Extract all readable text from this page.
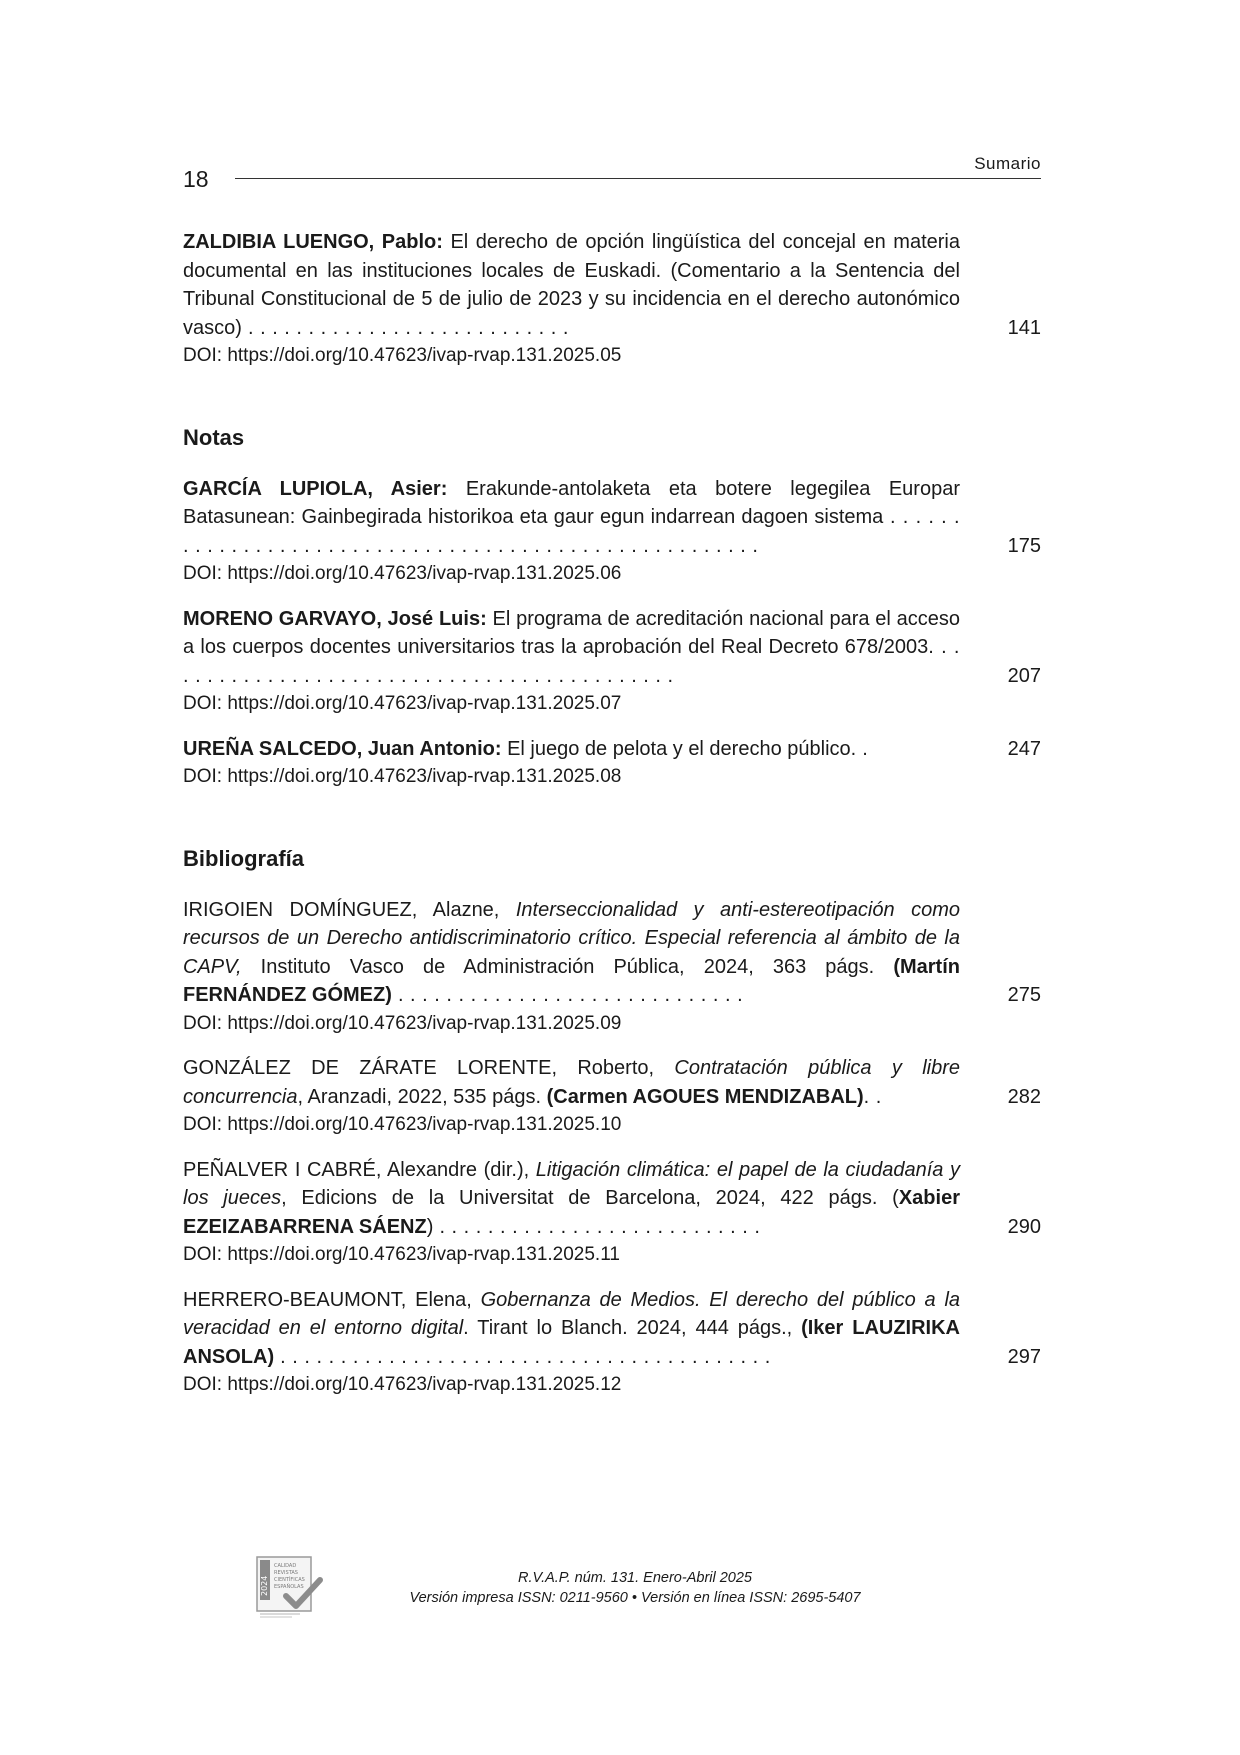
18
Sumario
ZALDIBIA LUENGO, Pablo: El derecho de opción lingüística del concejal en materia documental en las instituciones locales de Euskadi. (Comentario a la Sentencia del Tribunal Constitucional de 5 de julio de 2023 y su incidencia en el derecho autonómico vasco) . . . . . . . . . . . . . . . . . . . . . . . . . . .	141
DOI: https://doi.org/10.47623/ivap-rvap.131.2025.05
Notas
GARCÍA LUPIOLA, Asier: Erakunde-antolaketa eta botere legegilea Europar Batasunean: Gainbegirada historikoa eta gaur egun indarrean dagoen sistema . . . . . . . . . . . . . . . . . . . . . . . . . . . . . . . . . . . . . . . . . . . . . . . . . . . . . .	175
DOI: https://doi.org/10.47623/ivap-rvap.131.2025.06
MORENO GARVAYO, José Luis: El programa de acreditación nacional para el acceso a los cuerpos docentes universitarios tras la aprobación del Real Decreto 678/2003. . . . . . . . . . . . . . . . . . . . . . . . . . . . . . . . . . . . . . . . . . . .	207
DOI: https://doi.org/10.47623/ivap-rvap.131.2025.07
UREÑA SALCEDO, Juan Antonio: El juego de pelota y el derecho público. .	247
DOI: https://doi.org/10.47623/ivap-rvap.131.2025.08
Bibliografía
IRIGOIEN DOMÍNGUEZ, Alazne, Interseccionalidad y anti-estereotipación como recursos de un Derecho antidiscriminatorio crítico. Especial referencia al ámbito de la CAPV, Instituto Vasco de Administración Pública, 2024, 363 págs. (Martín FERNÁNDEZ GÓMEZ) . . . . . . . . . . . . . . . . . . . . . . . . . . . . .	275
DOI: https://doi.org/10.47623/ivap-rvap.131.2025.09
GONZÁLEZ DE ZÁRATE LORENTE, Roberto, Contratación pública y libre concurrencia, Aranzadi, 2022, 535 págs. (Carmen AGOUES MENDIZABAL). .	282
DOI: https://doi.org/10.47623/ivap-rvap.131.2025.10
PEÑALVER I CABRÉ, Alexandre (dir.), Litigación climática: el papel de la ciudadanía y los jueces, Edicions de la Universitat de Barcelona, 2024, 422 págs. (Xabier EZEIZABARRENA SÁENZ) . . . . . . . . . . . . . . . . . . . . . . . . . . .	290
DOI: https://doi.org/10.47623/ivap-rvap.131.2025.11
HERRERO-BEAUMONT, Elena, Gobernanza de Medios. El derecho del público a la veracidad en el entorno digital. Tirant lo Blanch. 2024, 444 págs., (Iker LAUZIRIKA ANSOLA) . . . . . . . . . . . . . . . . . . . . . . . . . . . . . . . . . . . . . . . . .	297
DOI: https://doi.org/10.47623/ivap-rvap.131.2025.12
2024
CALIDAD
REVISTAS
CIENTÍFICAS
ESPAÑOLAS
R.V.A.P. núm. 131. Enero-Abril 2025
Versión impresa ISSN: 0211-9560 • Versión en línea ISSN: 2695-5407
